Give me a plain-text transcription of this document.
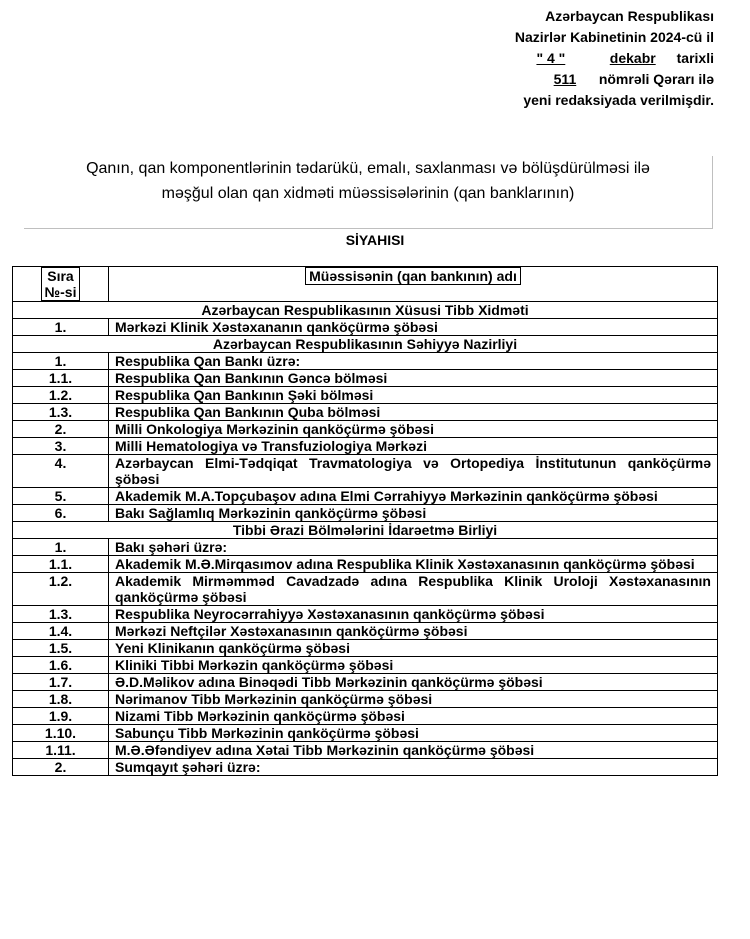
Azərbaycan Respublikası
Nazirlər Kabinetinin 2024-cü il
" 4 "	dekabr tarixli
511 nömrəli Qərarı ilə
yeni redaksiyada verilmişdir.
Qanın, qan komponentlərinin tədarükü, emalı, saxlanması və bölüşdürülməsi ilə
məşğul olan qan xidməti müəssisələrinin (qan banklarının)
SİYAHISI
Sıra
№-si	Müəssisənin (qan bankının) adı
Azərbaycan Respublikasının Xüsusi Tibb Xidməti	
1.	Mərkəzi Klinik Xəstəxananın qanköçürmə şöbəsi
Azərbaycan Respublikasının Səhiyyə Nazirliyi	
1.	Respublika Qan Bankı üzrə:
1.1.	Respublika Qan Bankının Gəncə bölməsi
1.2.	Respublika Qan Bankının Şəki bölməsi
1.3.	Respublika Qan Bankının Quba bölməsi
2.	Milli Onkologiya Mərkəzinin qanköçürmə şöbəsi
3.	Milli Hematologiya və Transfuziologiya Mərkəzi
4.	Azərbaycan Elmi-Tədqiqat Travmatologiya və Ortopediya İnstitutunun qanköçürmə şöbəsi
5.	Akademik M.A.Topçubaşov adına Elmi Cərrahiyyə Mərkəzinin qanköçürmə şöbəsi
6.	Bakı Sağlamlıq Mərkəzinin qanköçürmə şöbəsi
Tibbi Ərazi Bölmələrini İdarəetmə Birliyi	
1.	Bakı şəhəri üzrə:
1.1.	Akademik M.Ə.Mirqasımov adına Respublika Klinik Xəstəxanasının qanköçürmə şöbəsi
1.2.	Akademik Mirməmməd Cavadzadə adına Respublika Klinik Uroloji Xəstəxanasının qanköçürmə şöbəsi
1.3.	Respublika Neyrocərrahiyyə Xəstəxanasının qanköçürmə şöbəsi
1.4.	Mərkəzi Neftçilər Xəstəxanasının qanköçürmə şöbəsi
1.5.	Yeni Klinikanın qanköçürmə şöbəsi
1.6.	Kliniki Tibbi Mərkəzin qanköçürmə şöbəsi
1.7.	Ə.D.Məlikov adına Binəqədi Tibb Mərkəzinin qanköçürmə şöbəsi
1.8.	Nərimanov Tibb Mərkəzinin qanköçürmə şöbəsi
1.9.	Nizami Tibb Mərkəzinin qanköçürmə şöbəsi
1.10.	Sabunçu Tibb Mərkəzinin qanköçürmə şöbəsi
1.11.	M.Ə.Əfəndiyev adına Xətai Tibb Mərkəzinin qanköçürmə şöbəsi
2.	Sumqayıt şəhəri üzrə:
